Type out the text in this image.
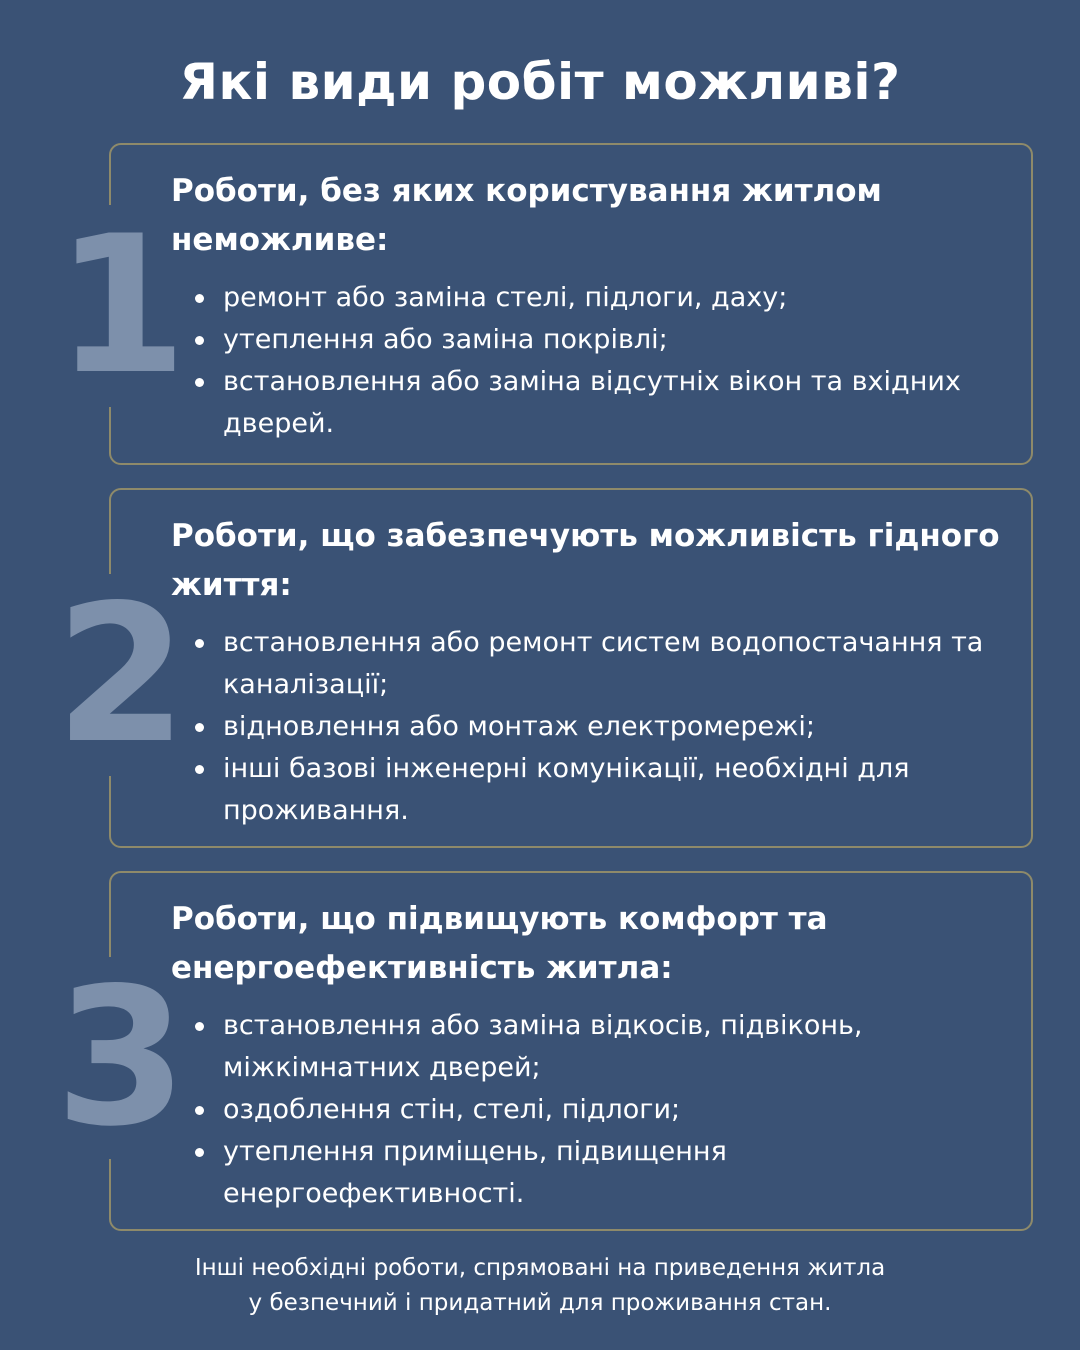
Які види робіт можливі?
1
Роботи, без яких користування житлом неможливе:
ремонт або заміна стелі, підлоги, даху;
утеплення або заміна покрівлі;
встановлення або заміна відсутніх вікон та вхідних дверей.
2
Роботи, що забезпечують можливість гідного життя:
встановлення або ремонт систем водопостачання та каналізації;
відновлення або монтаж електромережі;
інші базові інженерні комунікації, необхідні для проживання.
3
Роботи, що підвищують комфорт та енергоефективність житла:
встановлення або заміна відкосів, підвіконь, міжкімнатних дверей;
оздоблення стін, стелі, підлоги;
утеплення приміщень, підвищення енергоефективності.
Інші необхідні роботи, спрямовані на приведення житла
у безпечний і придатний для проживання стан.
